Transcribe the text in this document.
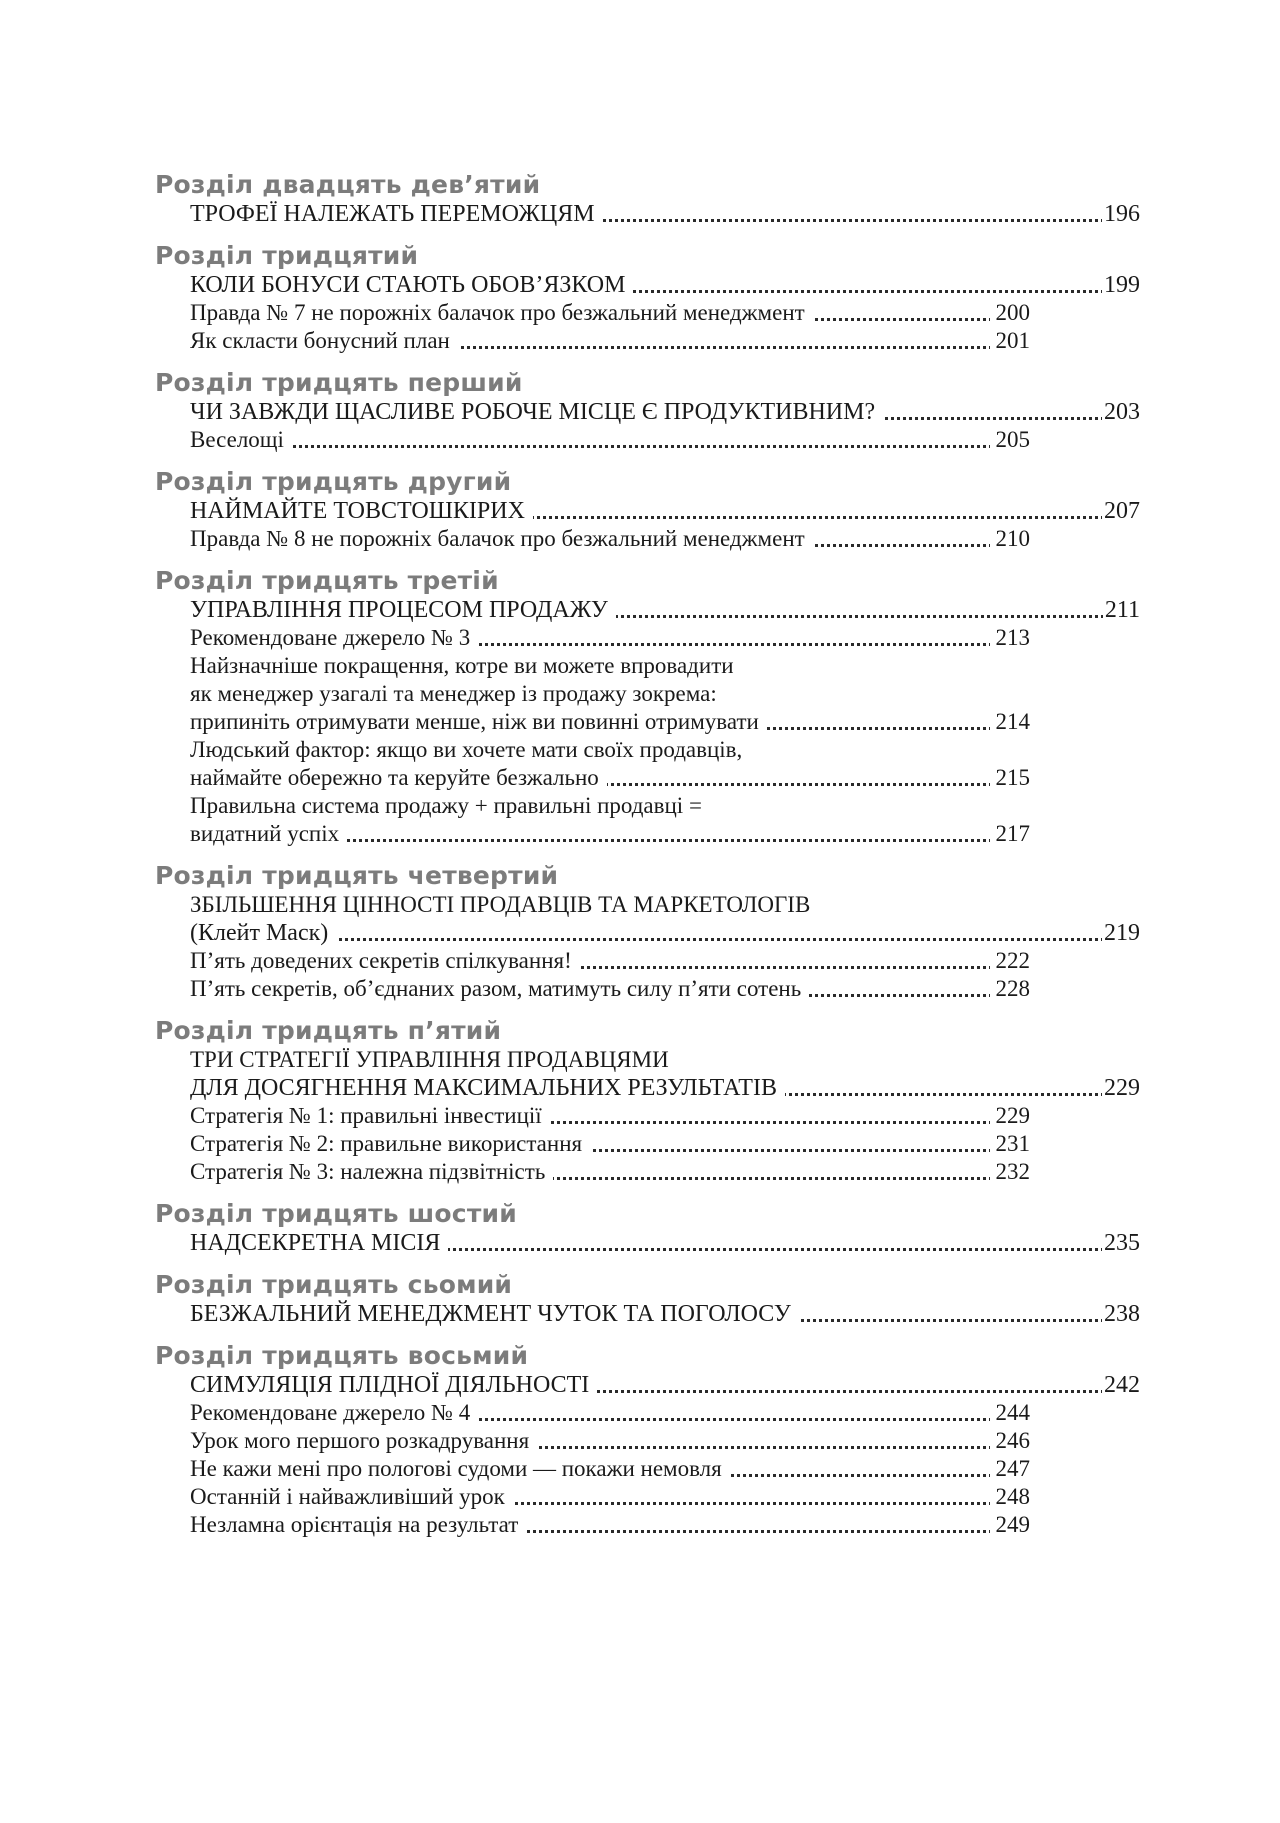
Розділ двадцять дев’ятий
ТРОФЕЇ НАЛЕЖАТЬ ПЕРЕМОЖЦЯМ	196
Розділ тридцятий
КОЛИ БОНУСИ СТАЮТЬ ОБОВ’ЯЗКОМ	199
Правда № 7 не порожніх балачок про безжальний менеджмент	200
Як скласти бонусний план	201
Розділ тридцять перший
ЧИ ЗАВЖДИ ЩАСЛИВЕ РОБОЧЕ МІСЦЕ Є ПРОДУКТИВНИМ?	203
Веселощі	205
Розділ тридцять другий
НАЙМАЙТЕ ТОВСТОШКІРИХ	207
Правда № 8 не порожніх балачок про безжальний менеджмент	210
Розділ тридцять третій
УПРАВЛІННЯ ПРОЦЕСОМ ПРОДАЖУ	211
Рекомендоване джерело № 3	213
Найзначніше покращення, котре ви можете впровадити
як менеджер узагалі та менеджер із продажу зокрема:
припиніть отримувати менше, ніж ви повинні отримувати	214
Людський фактор: якщо ви хочете мати своїх продавців,
наймайте обережно та керуйте безжально	215
Правильна система продажу + правильні продавці =
видатний успіх	217
Розділ тридцять четвертий
ЗБІЛЬШЕННЯ ЦІННОСТІ ПРОДАВЦІВ ТА МАРКЕТОЛОГІВ
(Клейт Маск)	219
П’ять доведених секретів спілкування!	222
П’ять секретів, об’єднаних разом, матимуть силу п’яти сотень	228
Розділ тридцять п’ятий
ТРИ СТРАТЕГІЇ УПРАВЛІННЯ ПРОДАВЦЯМИ
ДЛЯ ДОСЯГНЕННЯ МАКСИМАЛЬНИХ РЕЗУЛЬТАТІВ	229
Стратегія № 1: правильні інвестиції	229
Стратегія № 2: правильне використання	231
Стратегія № 3: належна підзвітність	232
Розділ тридцять шостий
НАДСЕКРЕТНА МІСІЯ	235
Розділ тридцять сьомий
БЕЗЖАЛЬНИЙ МЕНЕДЖМЕНТ ЧУТОК ТА ПОГОЛОСУ	238
Розділ тридцять восьмий
СИМУЛЯЦІЯ ПЛІДНОЇ ДІЯЛЬНОСТІ	242
Рекомендоване джерело № 4	244
Урок мого першого розкадрування	246
Не кажи мені про пологові судоми — покажи немовля	247
Останній і найважливіший урок	248
Незламна орієнтація на результат	249
